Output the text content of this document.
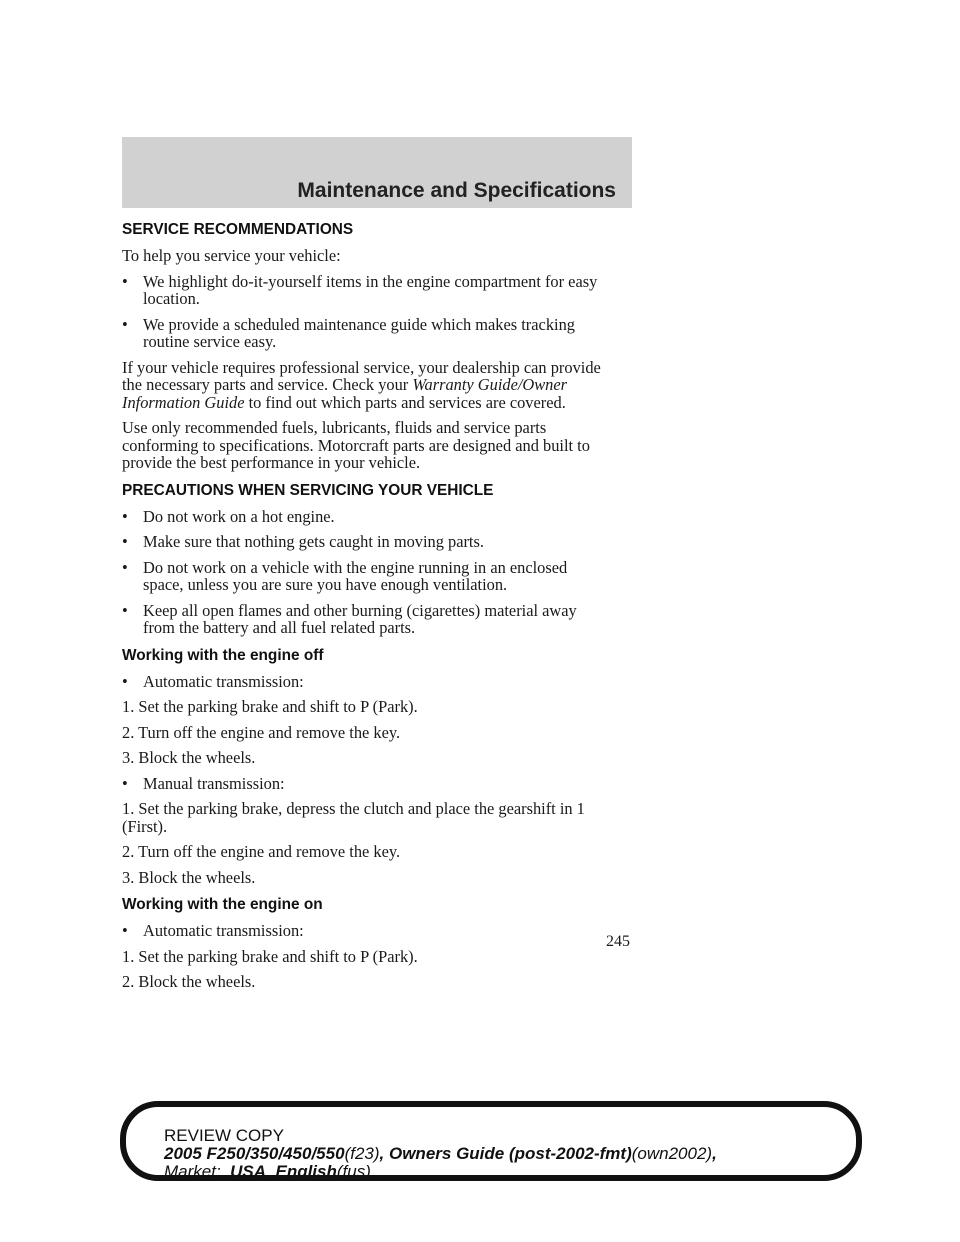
Maintenance and Specifications
SERVICE RECOMMENDATIONS

To help you service your vehicle:

• We highlight do-it-yourself items in the engine compartment for easy
location.
• We provide a scheduled maintenance guide which makes tracking
routine service easy.

If your vehicle requires professional service, your dealership can provide
the necessary parts and service. Check your Warranty Guide/Owner
Information Guide to find out which parts and services are covered.

Use only recommended fuels, lubricants, fluids and service parts
conforming to specifications. Motorcraft parts are designed and built to
provide the best performance in your vehicle.

PRECAUTIONS WHEN SERVICING YOUR VEHICLE
• Do not work on a hot engine.
• Make sure that nothing gets caught in moving parts.
• Do not work on a vehicle with the engine running in an enclosed
space, unless you are sure you have enough ventilation.
• Keep all open flames and other burning (cigarettes) material away
from the battery and all fuel related parts.
Working with the engine off
• Automatic transmission:

1. Set the parking brake and shift to P (Park).

2. Turn off the engine and remove the key.

3. Block the wheels.

• Manual transmission:

1. Set the parking brake, depress the clutch and place the gearshift in 1
(First).

2. Turn off the engine and remove the key.

3. Block the wheels.

Working with the engine on
• Automatic transmission:

1. Set the parking brake and shift to P (Park).

2. Block the wheels.

245
REVIEW COPY
2005 F250/350/450/550(f23), Owners Guide (post-2002-fmt)(own2002),
Market:  USA_English(fus)
